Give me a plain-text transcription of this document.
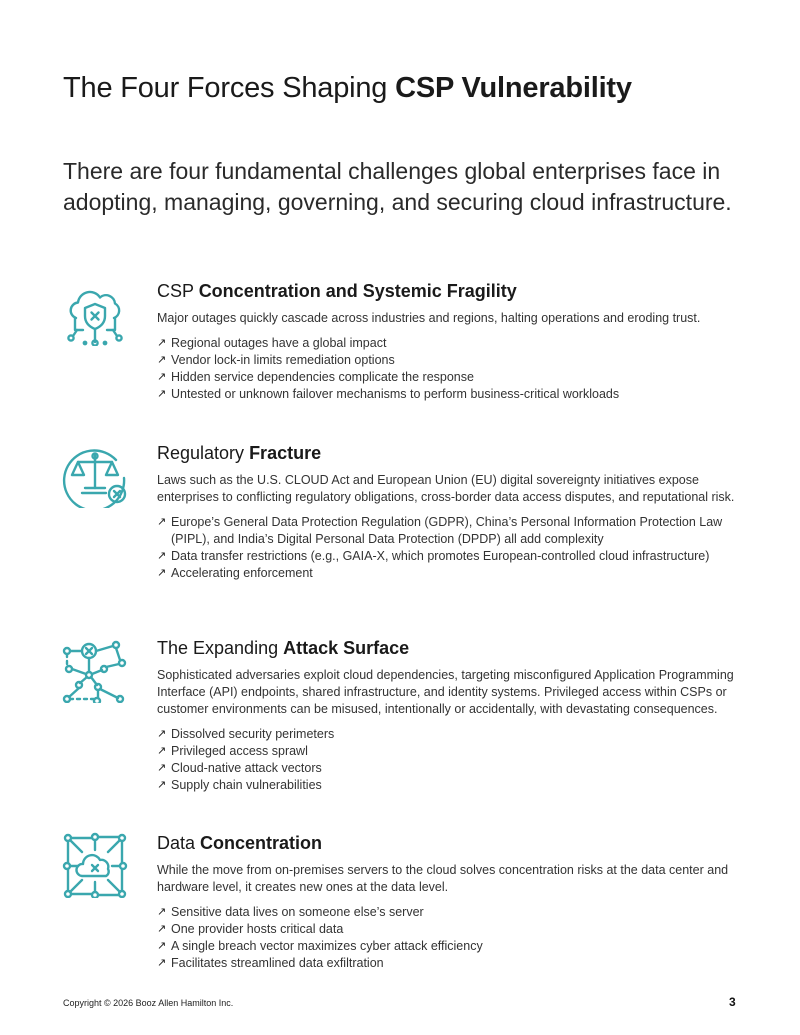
The Four Forces Shaping CSP Vulnerability

There are four fundamental challenges global enterprises face in adopting, managing, governing, and securing cloud infrastructure.

CSP Concentration and Systemic Fragility

Major outages quickly cascade across industries and regions, halting operations and eroding trust.

↗ Regional outages have a global impact
↗ Vendor lock-in limits remediation options
↗ Hidden service dependencies complicate the response
↗ Untested or unknown failover mechanisms to perform business-critical workloads
Regulatory Fracture

Laws such as the U.S. CLOUD Act and European Union (EU) digital sovereignty initiatives expose enterprises to conflicting regulatory obligations, cross-border data access disputes, and reputational risk.

↗ Europe’s General Data Protection Regulation (GDPR), China’s Personal Information Protection Law (PIPL), and India’s Digital Personal Data Protection (DPDP) all add complexity
↗ Data transfer restrictions (e.g., GAIA-X, which promotes European-controlled cloud infrastructure)
↗ Accelerating enforcement
The Expanding Attack Surface

Sophisticated adversaries exploit cloud dependencies, targeting misconfigured Application Programming Interface (API) endpoints, shared infrastructure, and identity systems. Privileged access within CSPs or customer environments can be misused, intentionally or accidentally, with devastating consequences.

↗ Dissolved security perimeters
↗ Privileged access sprawl
↗ Cloud-native attack vectors
↗ Supply chain vulnerabilities
Data Concentration

While the move from on-premises servers to the cloud solves concentration risks at the data center and hardware level, it creates new ones at the data level.

↗ Sensitive data lives on someone else’s server
↗ One provider hosts critical data
↗ A single breach vector maximizes cyber attack efficiency
↗ Facilitates streamlined data exfiltration
Copyright © 2026 Booz Allen Hamilton Inc.	3
